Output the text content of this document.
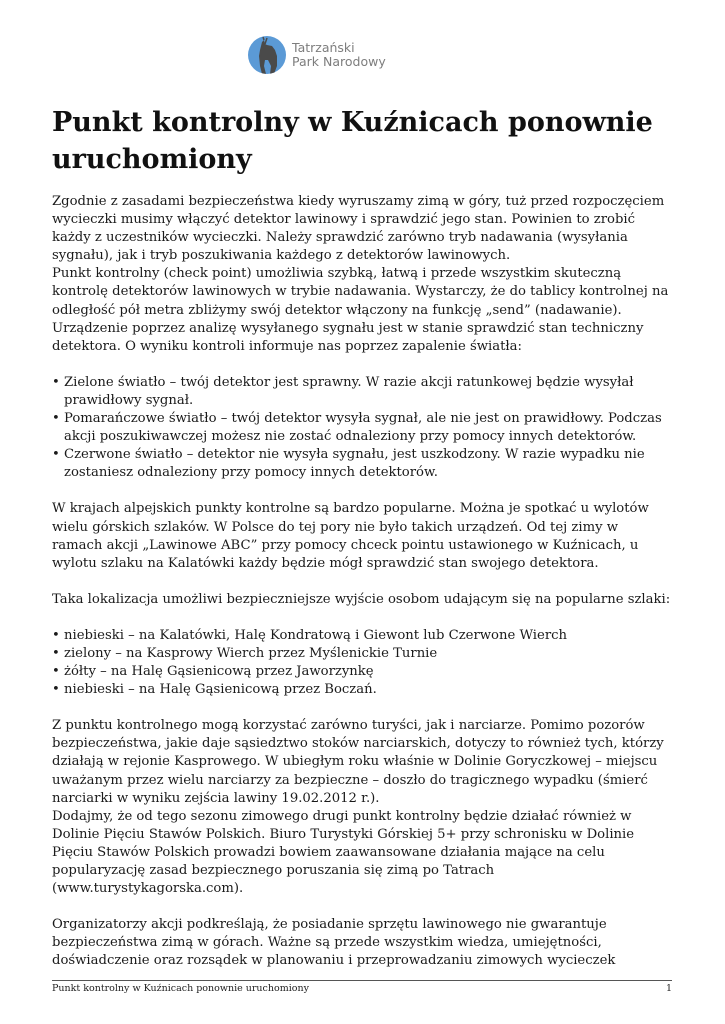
Tatrzański
Park Narodowy
Punkt kontrolny w Kuźnicach ponownie uruchomiony

Zgodnie z zasadami bezpieczeństwa kiedy wyruszamy zimą w góry, tuż przed rozpoczęciem wycieczki musimy włączyć detektor lawinowy i sprawdzić jego stan. Powinien to zrobić każdy z uczestników wycieczki. Należy sprawdzić zarówno tryb nadawania (wysyłania sygnału), jak i tryb poszukiwania każdego z detektorów lawinowych.

Punkt kontrolny (check point) umożliwia szybką, łatwą i przede wszystkim skuteczną kontrolę detektorów lawinowych w trybie nadawania. Wystarczy, że do tablicy kontrolnej na odległość pół metra zbliżymy swój detektor włączony na funkcję „send” (nadawanie). Urządzenie poprzez analizę wysyłanego sygnału jest w stanie sprawdzić stan techniczny detektora. O wyniku kontroli informuje nas poprzez zapalenie światła:

• Zielone światło – twój detektor jest sprawny. W razie akcji ratunkowej będzie wysyłał prawidłowy sygnał.
• Pomarańczowe światło – twój detektor wysyła sygnał, ale nie jest on prawidłowy. Podczas akcji poszukiwawczej możesz nie zostać odnaleziony przy pomocy innych detektorów.
• Czerwone światło – detektor nie wysyła sygnału, jest uszkodzony. W razie wypadku nie zostaniesz odnaleziony przy pomocy innych detektorów.

W krajach alpejskich punkty kontrolne są bardzo popularne. Można je spotkać u wylotów wielu górskich szlaków. W Polsce do tej pory nie było takich urządzeń. Od tej zimy w ramach akcji „Lawinowe ABC” przy pomocy chceck pointu ustawionego w Kuźnicach, u wylotu szlaku na Kalatówki każdy będzie mógł sprawdzić stan swojego detektora.

Taka lokalizacja umożliwi bezpieczniejsze wyjście osobom udającym się na popularne szlaki:

• niebieski – na Kalatówki, Halę Kondratową i Giewont lub Czerwone Wierch
• zielony – na Kasprowy Wierch przez Myślenickie Turnie
• żółty – na Halę Gąsienicową przez Jaworzynkę
• niebieski – na Halę Gąsienicową przez Boczań.

Z punktu kontrolnego mogą korzystać zarówno turyści, jak i narciarze. Pomimo pozorów bezpieczeństwa, jakie daje sąsiedztwo stoków narciarskich, dotyczy to również tych, którzy działają w rejonie Kasprowego. W ubiegłym roku właśnie w Dolinie Goryczkowej – miejscu uważanym przez wielu narciarzy za bezpieczne – doszło do tragicznego wypadku (śmierć narciarki w wyniku zejścia lawiny 19.02.2012 r.).

Dodajmy, że od tego sezonu zimowego drugi punkt kontrolny będzie działać również w Dolinie Pięciu Stawów Polskich. Biuro Turystyki Górskiej 5+ przy schronisku w Dolinie Pięciu Stawów Polskich prowadzi bowiem zaawansowane działania mające na celu popularyzację zasad bezpiecznego poruszania się zimą po Tatrach (www.turystykagorska.com).

Organizatorzy akcji podkreślają, że posiadanie sprzętu lawinowego nie gwarantuje bezpieczeństwa zimą w górach. Ważne są przede wszystkim wiedza, umiejętności, doświadczenie oraz rozsądek w planowaniu i przeprowadzaniu zimowych wycieczek

Punkt kontrolny w Kuźnicach ponownie uruchomiony	1
